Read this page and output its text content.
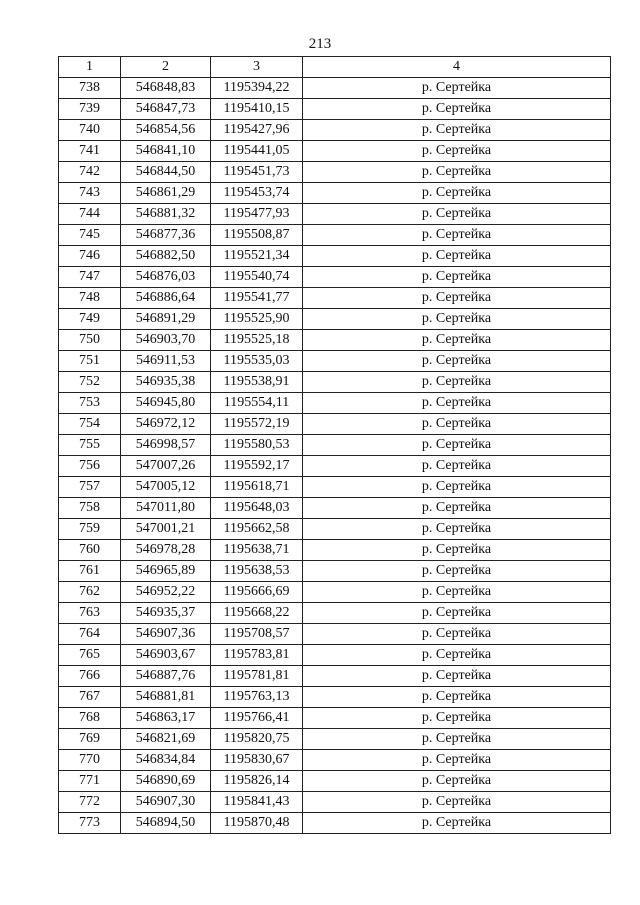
213
1	2	3	4
738	546848,83	1195394,22	р. Сертейка
739	546847,73	1195410,15	р. Сертейка
740	546854,56	1195427,96	р. Сертейка
741	546841,10	1195441,05	р. Сертейка
742	546844,50	1195451,73	р. Сертейка
743	546861,29	1195453,74	р. Сертейка
744	546881,32	1195477,93	р. Сертейка
745	546877,36	1195508,87	р. Сертейка
746	546882,50	1195521,34	р. Сертейка
747	546876,03	1195540,74	р. Сертейка
748	546886,64	1195541,77	р. Сертейка
749	546891,29	1195525,90	р. Сертейка
750	546903,70	1195525,18	р. Сертейка
751	546911,53	1195535,03	р. Сертейка
752	546935,38	1195538,91	р. Сертейка
753	546945,80	1195554,11	р. Сертейка
754	546972,12	1195572,19	р. Сертейка
755	546998,57	1195580,53	р. Сертейка
756	547007,26	1195592,17	р. Сертейка
757	547005,12	1195618,71	р. Сертейка
758	547011,80	1195648,03	р. Сертейка
759	547001,21	1195662,58	р. Сертейка
760	546978,28	1195638,71	р. Сертейка
761	546965,89	1195638,53	р. Сертейка
762	546952,22	1195666,69	р. Сертейка
763	546935,37	1195668,22	р. Сертейка
764	546907,36	1195708,57	р. Сертейка
765	546903,67	1195783,81	р. Сертейка
766	546887,76	1195781,81	р. Сертейка
767	546881,81	1195763,13	р. Сертейка
768	546863,17	1195766,41	р. Сертейка
769	546821,69	1195820,75	р. Сертейка
770	546834,84	1195830,67	р. Сертейка
771	546890,69	1195826,14	р. Сертейка
772	546907,30	1195841,43	р. Сертейка
773	546894,50	1195870,48	р. Сертейка
